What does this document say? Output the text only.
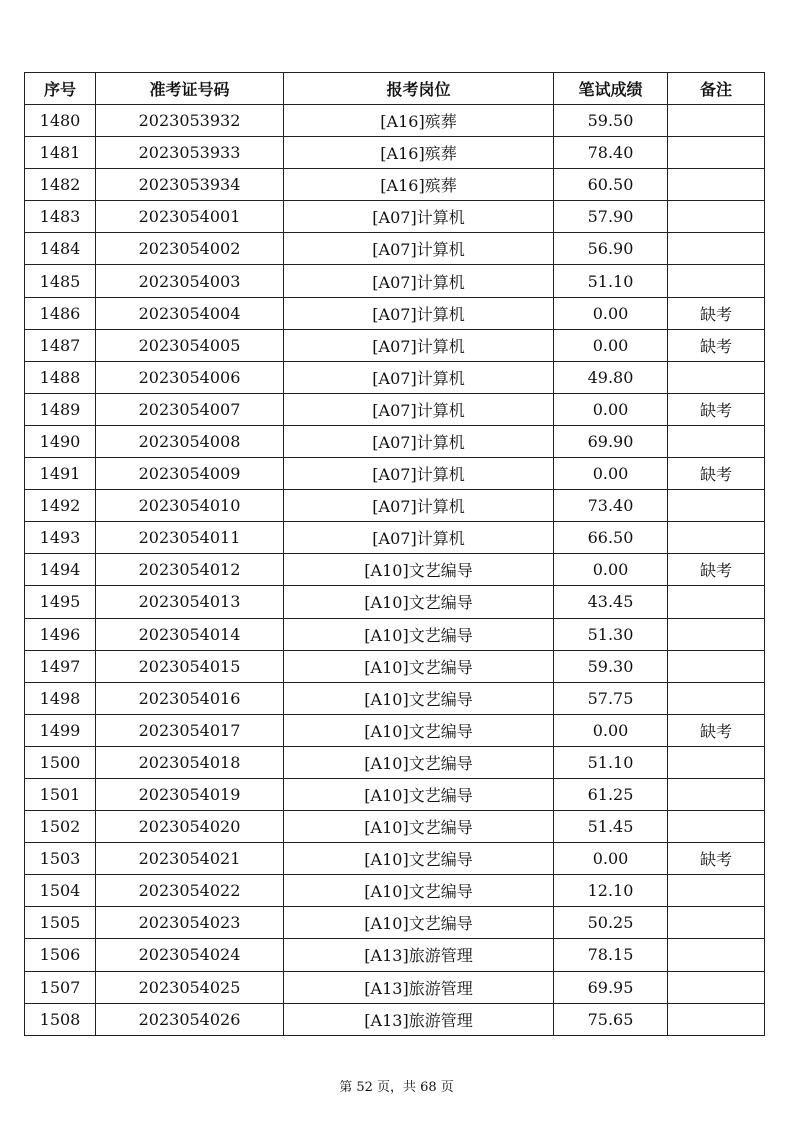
序号	准考证号码	报考岗位	笔试成绩	备注
1480	2023053932	[A16]殡葬	59.50	
1481	2023053933	[A16]殡葬	78.40	
1482	2023053934	[A16]殡葬	60.50	
1483	2023054001	[A07]计算机	57.90	
1484	2023054002	[A07]计算机	56.90	
1485	2023054003	[A07]计算机	51.10	
1486	2023054004	[A07]计算机	0.00	缺考
1487	2023054005	[A07]计算机	0.00	缺考
1488	2023054006	[A07]计算机	49.80	
1489	2023054007	[A07]计算机	0.00	缺考
1490	2023054008	[A07]计算机	69.90	
1491	2023054009	[A07]计算机	0.00	缺考
1492	2023054010	[A07]计算机	73.40	
1493	2023054011	[A07]计算机	66.50	
1494	2023054012	[A10]文艺编导	0.00	缺考
1495	2023054013	[A10]文艺编导	43.45	
1496	2023054014	[A10]文艺编导	51.30	
1497	2023054015	[A10]文艺编导	59.30	
1498	2023054016	[A10]文艺编导	57.75	
1499	2023054017	[A10]文艺编导	0.00	缺考
1500	2023054018	[A10]文艺编导	51.10	
1501	2023054019	[A10]文艺编导	61.25	
1502	2023054020	[A10]文艺编导	51.45	
1503	2023054021	[A10]文艺编导	0.00	缺考
1504	2023054022	[A10]文艺编导	12.10	
1505	2023054023	[A10]文艺编导	50.25	
1506	2023054024	[A13]旅游管理	78.15	
1507	2023054025	[A13]旅游管理	69.95	
1508	2023054026	[A13]旅游管理	75.65	
第 52 页，共 68 页
